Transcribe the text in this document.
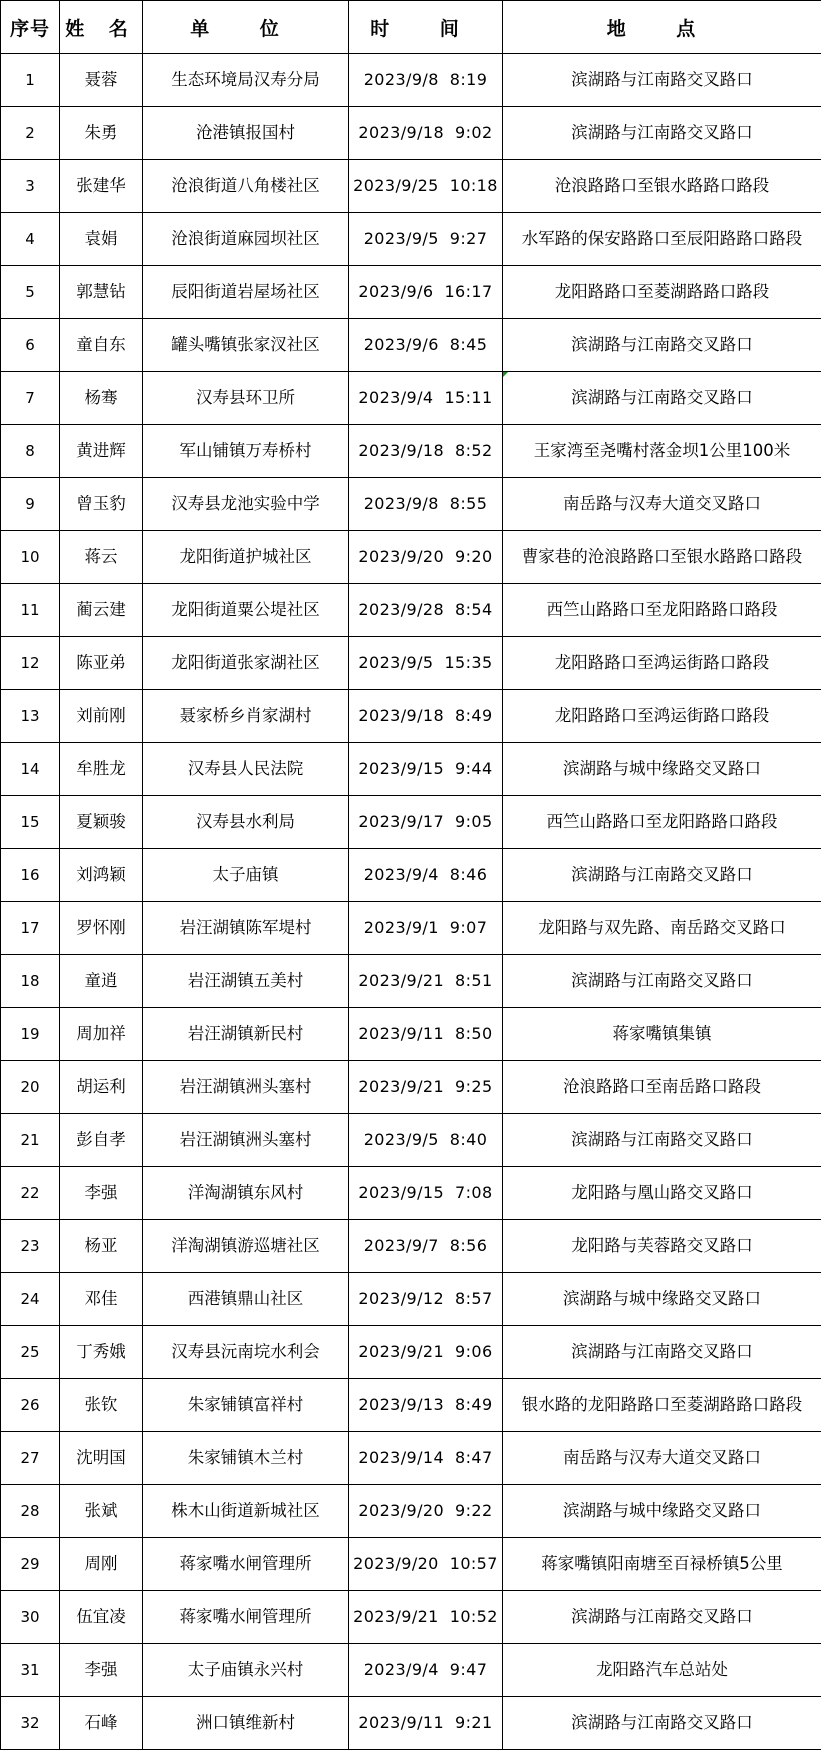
序号	姓 名	单 位	时 间	地 点
1	聂蓉	生态环境局汉寿分局	2023/9/8  8:19	滨湖路与江南路交叉路口
2	朱勇	沧港镇报国村	2023/9/18  9:02	滨湖路与江南路交叉路口
3	张建华	沧浪街道八角楼社区	2023/9/25  10:18	沧浪路路口至银水路路口路段
4	袁娟	沧浪街道麻园坝社区	2023/9/5  9:27	水军路的保安路路口至辰阳路路口路段
5	郭慧钻	辰阳街道岩屋场社区	2023/9/6  16:17	龙阳路路口至菱湖路路口路段
6	童自东	罐头嘴镇张家汊社区	2023/9/6  8:45	滨湖路与江南路交叉路口
7	杨骞	汉寿县环卫所	2023/9/4  15:11	滨湖路与江南路交叉路口
8	黄进辉	军山铺镇万寿桥村	2023/9/18  8:52	王家湾至尧嘴村落金坝1公里100米
9	曾玉豹	汉寿县龙池实验中学	2023/9/8  8:55	南岳路与汉寿大道交叉路口
10	蒋云	龙阳街道护城社区	2023/9/20  9:20	曹家巷的沧浪路路口至银水路路口路段
11	蔺云建	龙阳街道粟公堤社区	2023/9/28  8:54	西竺山路路口至龙阳路路口路段
12	陈亚弟	龙阳街道张家湖社区	2023/9/5  15:35	龙阳路路口至鸿运街路口路段
13	刘前刚	聂家桥乡肖家湖村	2023/9/18  8:49	龙阳路路口至鸿运街路口路段
14	牟胜龙	汉寿县人民法院	2023/9/15  9:44	滨湖路与城中缘路交叉路口
15	夏颖骏	汉寿县水利局	2023/9/17  9:05	西竺山路路口至龙阳路路口路段
16	刘鸿颖	太子庙镇	2023/9/4  8:46	滨湖路与江南路交叉路口
17	罗怀刚	岩汪湖镇陈军堤村	2023/9/1  9:07	龙阳路与双先路、南岳路交叉路口
18	童逍	岩汪湖镇五美村	2023/9/21  8:51	滨湖路与江南路交叉路口
19	周加祥	岩汪湖镇新民村	2023/9/11  8:50	蒋家嘴镇集镇
20	胡运利	岩汪湖镇洲头塞村	2023/9/21  9:25	沧浪路路口至南岳路口路段
21	彭自孝	岩汪湖镇洲头塞村	2023/9/5  8:40	滨湖路与江南路交叉路口
22	李强	洋淘湖镇东风村	2023/9/15  7:08	龙阳路与凰山路交叉路口
23	杨亚	洋淘湖镇游巡塘社区	2023/9/7  8:56	龙阳路与芙蓉路交叉路口
24	邓佳	西港镇鼎山社区	2023/9/12  8:57	滨湖路与城中缘路交叉路口
25	丁秀娥	汉寿县沅南垸水利会	2023/9/21  9:06	滨湖路与江南路交叉路口
26	张钦	朱家铺镇富祥村	2023/9/13  8:49	银水路的龙阳路路口至菱湖路路口路段
27	沈明国	朱家铺镇木兰村	2023/9/14  8:47	南岳路与汉寿大道交叉路口
28	张斌	株木山街道新城社区	2023/9/20  9:22	滨湖路与城中缘路交叉路口
29	周刚	蒋家嘴水闸管理所	2023/9/20  10:57	蒋家嘴镇阳南塘至百禄桥镇5公里
30	伍宜凌	蒋家嘴水闸管理所	2023/9/21  10:52	滨湖路与江南路交叉路口
31	李强	太子庙镇永兴村	2023/9/4  9:47	龙阳路汽车总站处
32	石峰	洲口镇维新村	2023/9/11  9:21	滨湖路与江南路交叉路口
